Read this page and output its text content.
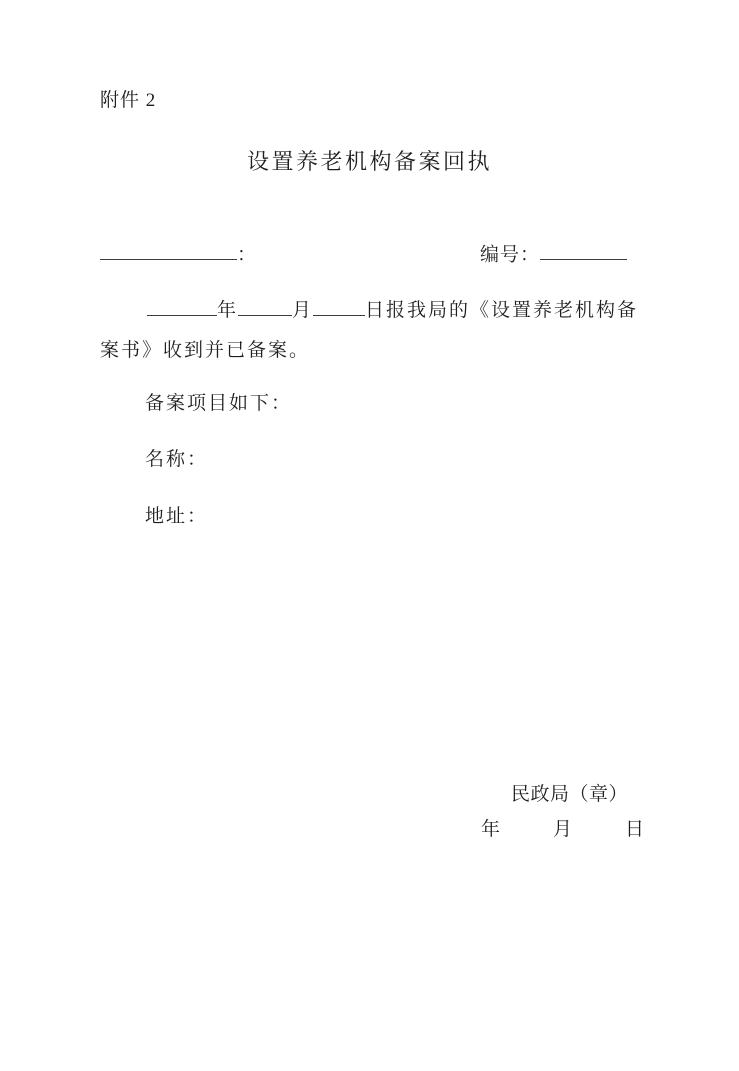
附件 2
设置养老机构备案回执
：	编号：
年	月	日报我局的《设置养老机构备
案书》收到并已备案。
备案项目如下：
名称：
地址：
民政局（章）
年	月	日
